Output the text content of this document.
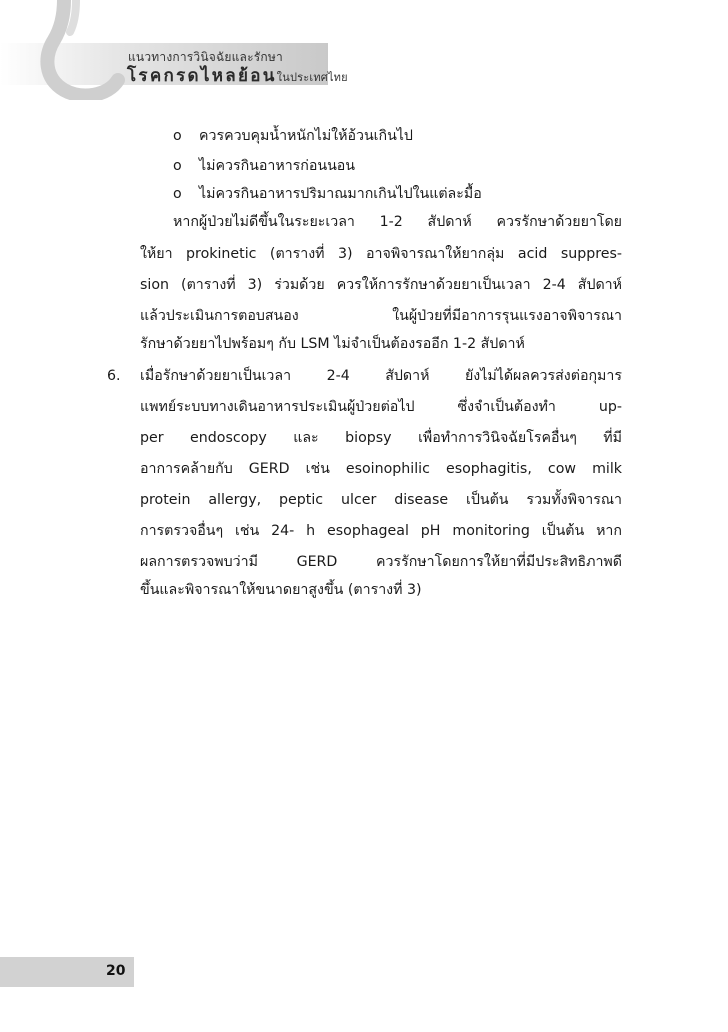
แนวทางการวินิจฉัยและรักษา
โรคกรดไหลย้อนในประเทศไทย
o ควรควบคุมน้ำหนักไม่ให้อ้วนเกินไป
o ไม่ควรกินอาหารก่อนนอน
o ไม่ควรกินอาหารปริมาณมากเกินไปในแต่ละมื้อ
หากผู้ป่วยไม่ดีขึ้นในระยะเวลา 1-2 สัปดาห์ ควรรักษาด้วยยาโดย
ให้ยา prokinetic (ตารางที่ 3) อาจพิจารณาให้ยากลุ่ม acid suppres-
sion (ตารางที่ 3) ร่วมด้วย ควรให้การรักษาด้วยยาเป็นเวลา 2-4 สัปดาห์
แล้วประเมินการตอบสนอง ในผู้ป่วยที่มีอาการรุนแรงอาจพิจารณา
รักษาด้วยยาไปพร้อมๆ กับ LSM ไม่จำเป็นต้องรออีก 1-2 สัปดาห์
6. เมื่อรักษาด้วยยาเป็นเวลา 2-4 สัปดาห์ ยังไม่ได้ผลควรส่งต่อกุมาร
แพทย์ระบบทางเดินอาหารประเมินผู้ป่วยต่อไป ซึ่งจำเป็นต้องทำ up-
per endoscopy และ biopsy เพื่อทำการวินิจฉัยโรคอื่นๆ ที่มี
อาการคล้ายกับ GERD เช่น esoinophilic esophagitis, cow milk
protein allergy, peptic ulcer disease เป็นต้น รวมทั้งพิจารณา
การตรวจอื่นๆ เช่น 24- h esophageal pH monitoring เป็นต้น หาก
ผลการตรวจพบว่ามี GERD ควรรักษาโดยการให้ยาที่มีประสิทธิภาพดี
ขึ้นและพิจารณาให้ขนาดยาสูงขึ้น (ตารางที่ 3)
20
